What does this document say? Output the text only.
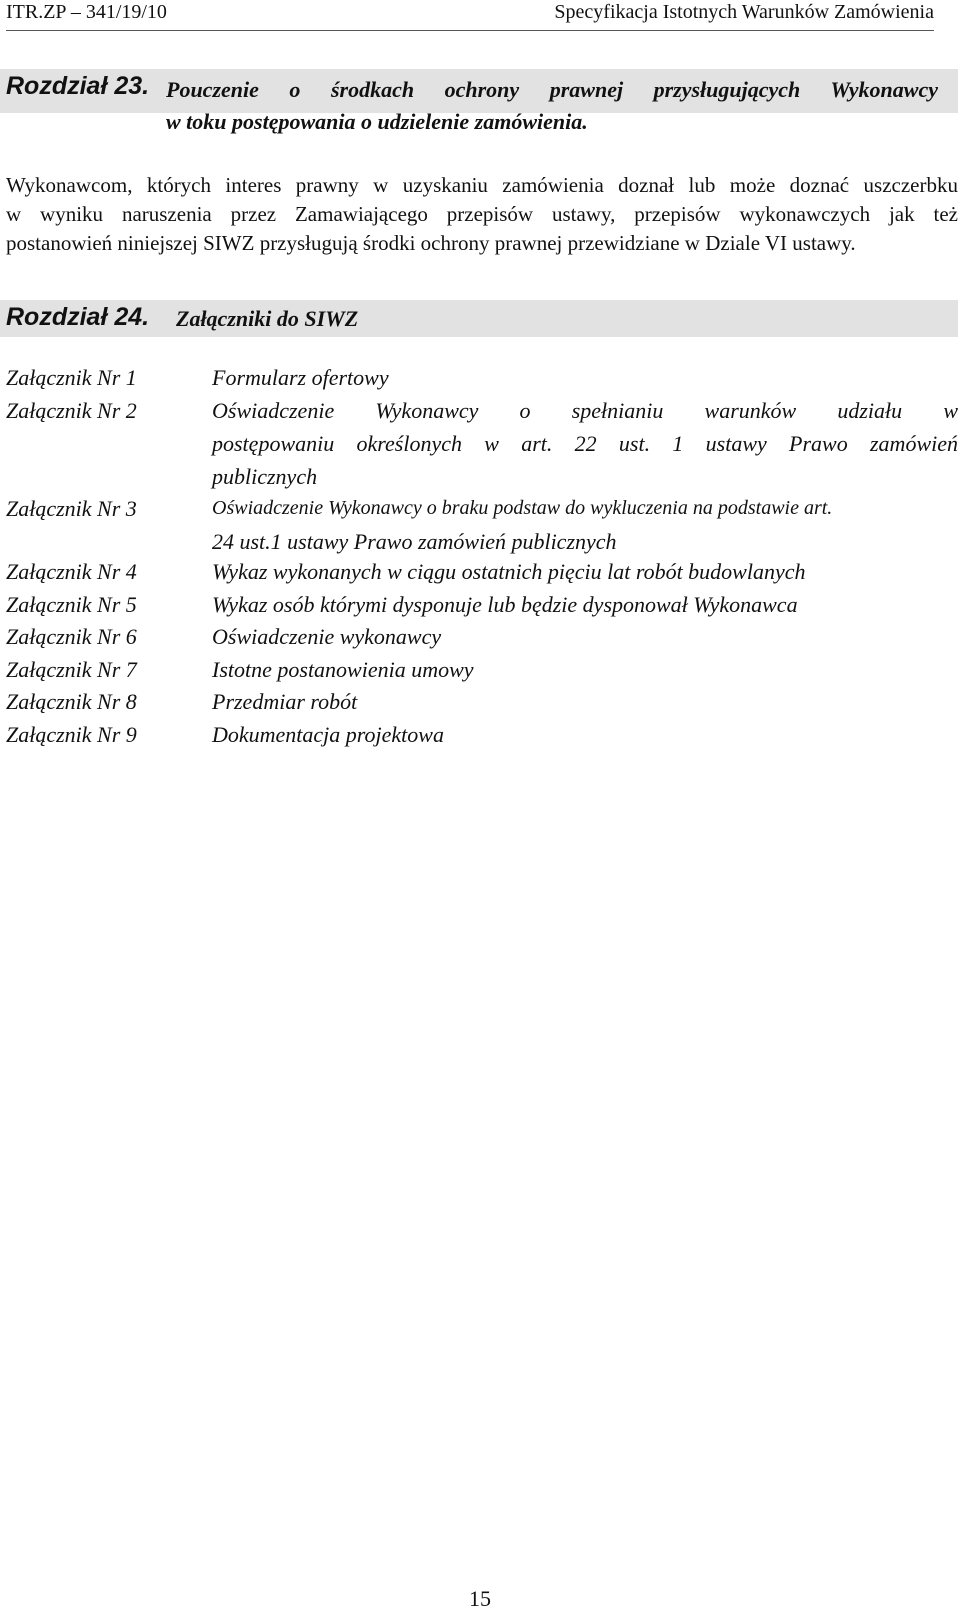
ITR.ZP – 341/19/10	Specyfikacja Istotnych Warunków Zamówienia
Rozdział 23. Pouczenie o środkach ochrony prawnej przysługujących Wykonawcy
w toku postępowania o udzielenie zamówienia.
Wykonawcom, których interes prawny w uzyskaniu zamówienia doznał lub może doznać uszczerbku
w wyniku naruszenia przez Zamawiającego przepisów ustawy, przepisów wykonawczych jak też
postanowień niniejszej SIWZ przysługują środki ochrony prawnej przewidziane w Dziale VI ustawy.
Rozdział 24. Załączniki do SIWZ
Załącznik Nr 1	Formularz ofertowy
Załącznik Nr 2	Oświadczenie Wykonawcy o spełnianiu warunków udziału w
postępowaniu określonych w art. 22 ust. 1 ustawy Prawo zamówień
publicznych
Załącznik Nr 3	Oświadczenie Wykonawcy o braku podstaw do wykluczenia na podstawie art.
24 ust.1 ustawy Prawo zamówień publicznych
Załącznik Nr 4	Wykaz wykonanych w ciągu ostatnich pięciu lat robót budowlanych
Załącznik Nr 5	Wykaz osób którymi dysponuje lub będzie dysponował Wykonawca
Załącznik Nr 6	Oświadczenie wykonawcy
Załącznik Nr 7	Istotne postanowienia umowy
Załącznik Nr 8	Przedmiar robót
Załącznik Nr 9	Dokumentacja projektowa
15
